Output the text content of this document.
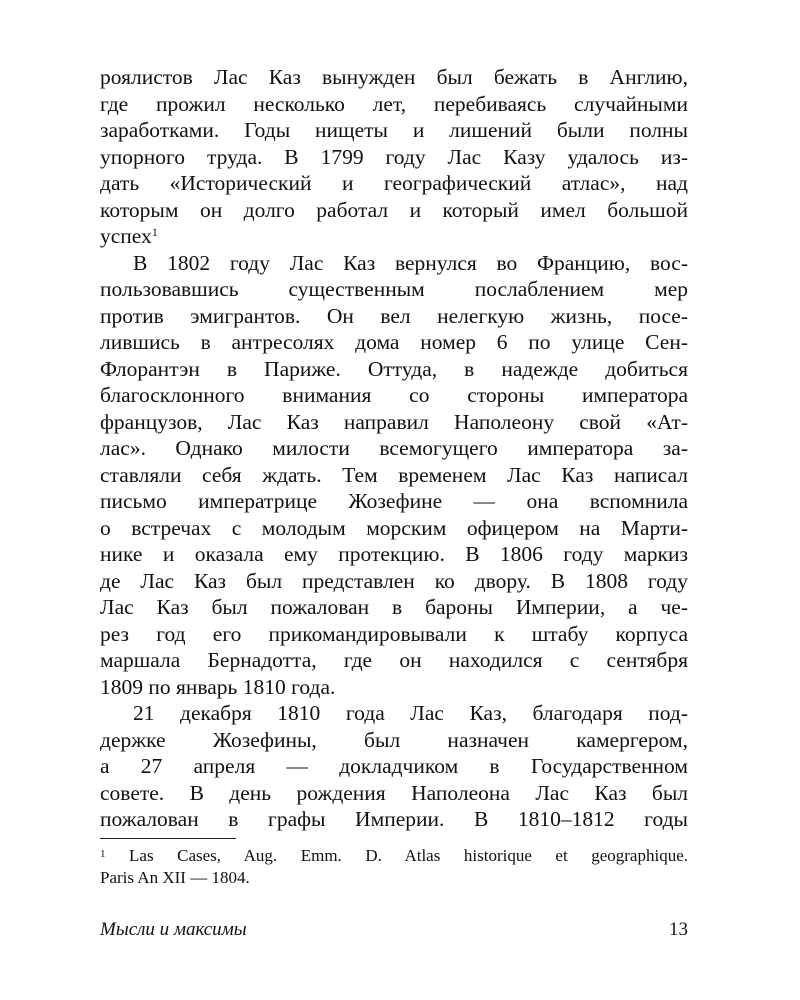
роялистов Лас Каз вынужден был бежать в Англию,
где прожил несколько лет, перебиваясь случайными
заработками. Годы нищеты и лишений были полны
упорного труда. В 1799 году Лас Казу удалось из-
дать «Исторический и географический атлас», над
которым он долго работал и который имел большой
успех$^1$
В 1802 году Лас Каз вернулся во Францию, вос-
пользовавшись существенным послаблением мер
против эмигрантов. Он вел нелегкую жизнь, посе-
лившись в антресолях дома номер 6 по улице Сен-
Флорантэн в Париже. Оттуда, в надежде добиться
благосклонного внимания со стороны императора
французов, Лас Каз направил Наполеону свой «Ат-
лас». Однако милости всемогущего императора за-
ставляли себя ждать. Тем временем Лас Каз написал
письмо императрице Жозефине — она вспомнила
о встречах с молодым морским офицером на Марти-
нике и оказала ему протекцию. В 1806 году маркиз
де Лас Каз был представлен ко двору. В 1808 году
Лас Каз был пожалован в бароны Империи, а че-
рез год его прикомандировывали к штабу корпуса
маршала Бернадотта, где он находился с сентября
1809 по январь 1810 года.
21 декабря 1810 года Лас Каз, благодаря под-
держке Жозефины, был назначен камергером,
а 27 апреля — докладчиком в Государственном
совете. В день рождения Наполеона Лас Каз был
пожалован в графы Империи. В 1810–1812 годы
$^1$ Las Cases, Aug. Emm. D. Atlas historique et geographique.
Paris An XII — 1804.
Мысли и максимы	13
